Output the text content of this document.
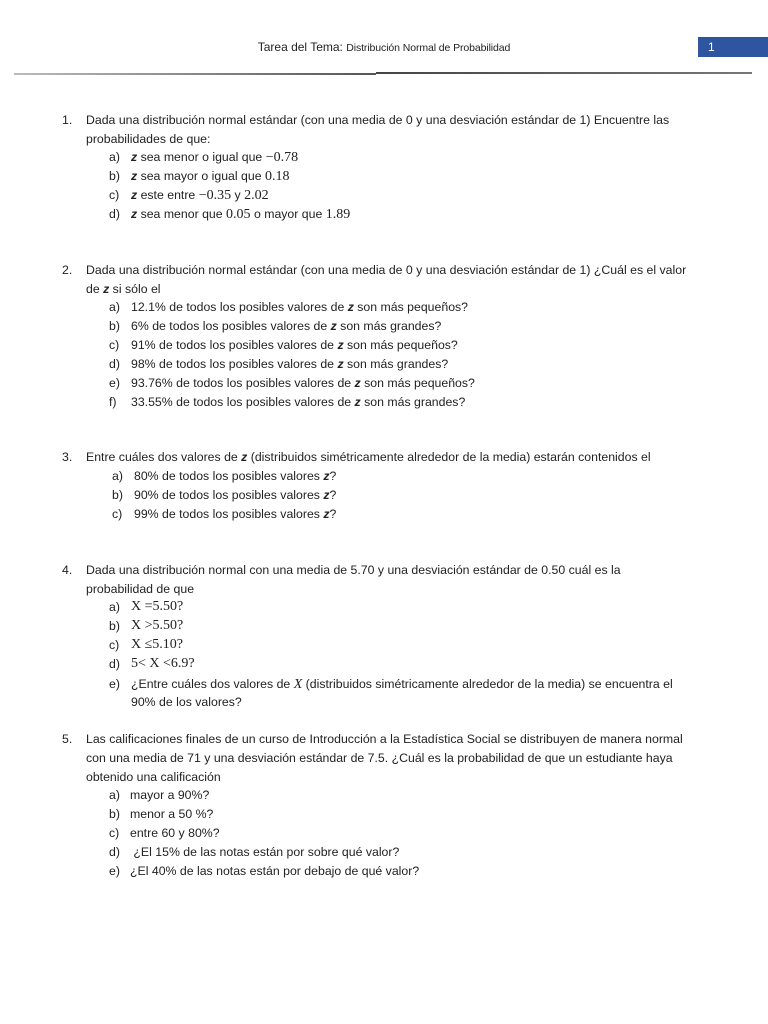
Tarea del Tema: Distribución Normal de Probabilidad	1
1. Dada una distribución normal estándar (con una media de 0 y una desviación estándar de 1) Encuentre las
probabilidades de que:
a) z sea menor o igual que −0.78
b) z sea mayor o igual que 0.18
c) z este entre −0.35 y 2.02
d) z sea menor que 0.05 o mayor que 1.89
2. Dada una distribución normal estándar (con una media de 0 y una desviación estándar de 1) ¿Cuál es el valor
de z si sólo el
a) 12.1% de todos los posibles valores de z son más pequeños?
b) 6% de todos los posibles valores de z son más grandes?
c) 91% de todos los posibles valores de z son más pequeños?
d) 98% de todos los posibles valores de z son más grandes?
e) 93.76% de todos los posibles valores de z son más pequeños?
f) 33.55% de todos los posibles valores de z son más grandes?
3. Entre cuáles dos valores de z (distribuidos simétricamente alrededor de la media) estarán contenidos el
a) 80% de todos los posibles valores z?
b) 90% de todos los posibles valores z?
c) 99% de todos los posibles valores z?
4. Dada una distribución normal con una media de 5.70 y una desviación estándar de 0.50 cuál es la
probabilidad de que
a) X =5.50?
b) X >5.50?
c) X ≤5.10?
d) 5< X <6.9?
e) ¿Entre cuáles dos valores de X (distribuidos simétricamente alrededor de la media) se encuentra el
90% de los valores?
5. Las calificaciones finales de un curso de Introducción a la Estadística Social se distribuyen de manera normal
con una media de 71 y una desviación estándar de 7.5. ¿Cuál es la probabilidad de que un estudiante haya
obtenido una calificación
a) mayor a 90%?
b) menor a 50 %?
c) entre 60 y 80%?
d) ¿El 15% de las notas están por sobre qué valor?
e) ¿El 40% de las notas están por debajo de qué valor?
